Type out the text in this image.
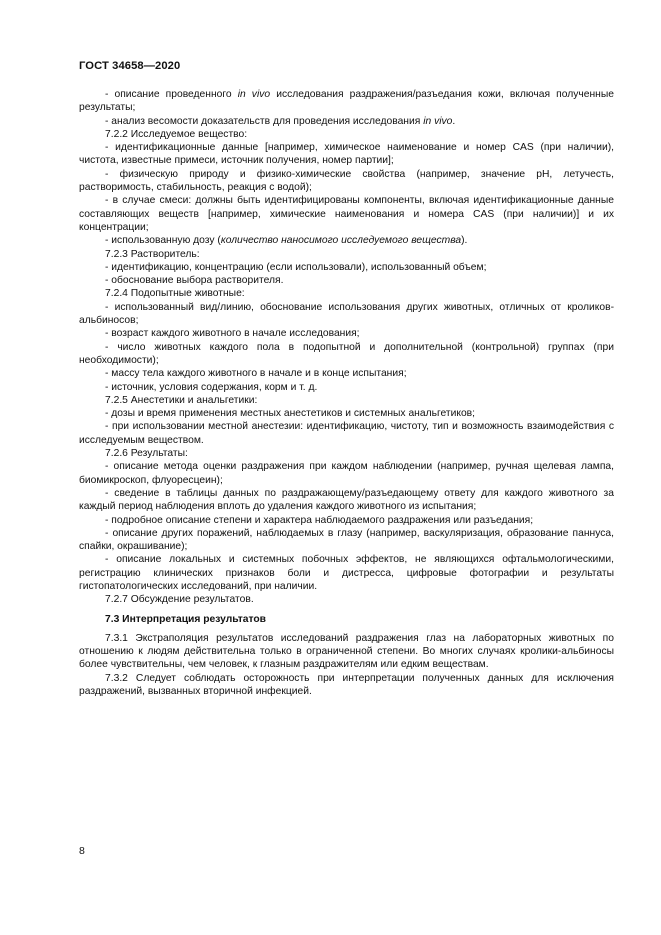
ГОСТ 34658—2020

- описание проведенного in vivo исследования раздражения/разъедания кожи, включая полученные результаты;

- анализ весомости доказательств для проведения исследования in vivo.

7.2.2 Исследуемое вещество:

- идентификационные данные [например, химическое наименование и номер CAS (при наличии), чистота, известные примеси, источник получения, номер партии];

- физическую природу и физико-химические свойства (например, значение pH, летучесть, растворимость, стабильность, реакция с водой);

- в случае смеси: должны быть идентифицированы компоненты, включая идентификационные данные составляющих веществ [например, химические наименования и номера CAS (при наличии)] и их концентрации;

- использованную дозу (количество наносимого исследуемого вещества).

7.2.3 Растворитель:

- идентификацию, концентрацию (если использовали), использованный объем;

- обоснование выбора растворителя.

7.2.4 Подопытные животные:

- использованный вид/линию, обоснование использования других животных, отличных от кроликов-альбиносов;

- возраст каждого животного в начале исследования;

- число животных каждого пола в подопытной и дополнительной (контрольной) группах (при необходимости);

- массу тела каждого животного в начале и в конце испытания;

- источник, условия содержания, корм и т. д.

7.2.5 Анестетики и анальгетики:

- дозы и время применения местных анестетиков и системных анальгетиков;

- при использовании местной анестезии: идентификацию, чистоту, тип и возможность взаимодействия с исследуемым веществом.

7.2.6 Результаты:

- описание метода оценки раздражения при каждом наблюдении (например, ручная щелевая лампа, биомикроскоп, флуоресцеин);

- сведение в таблицы данных по раздражающему/разъедающему ответу для каждого животного за каждый период наблюдения вплоть до удаления каждого животного из испытания;

- подробное описание степени и характера наблюдаемого раздражения или разъедания;

- описание других поражений, наблюдаемых в глазу (например, васкуляризация, образование паннуса, спайки, окрашивание);

- описание локальных и системных побочных эффектов, не являющихся офтальмологическими, регистрацию клинических признаков боли и дистресса, цифровые фотографии и результаты гистопатологических исследований, при наличии.

7.2.7 Обсуждение результатов.

7.3 Интерпретация результатов

7.3.1 Экстраполяция результатов исследований раздражения глаз на лабораторных животных по отношению к людям действительна только в ограниченной степени. Во многих случаях кролики-альбиносы более чувствительны, чем человек, к глазным раздражителям или едким веществам.

7.3.2 Следует соблюдать осторожность при интерпретации полученных данных для исключения раздражений, вызванных вторичной инфекцией.

8
